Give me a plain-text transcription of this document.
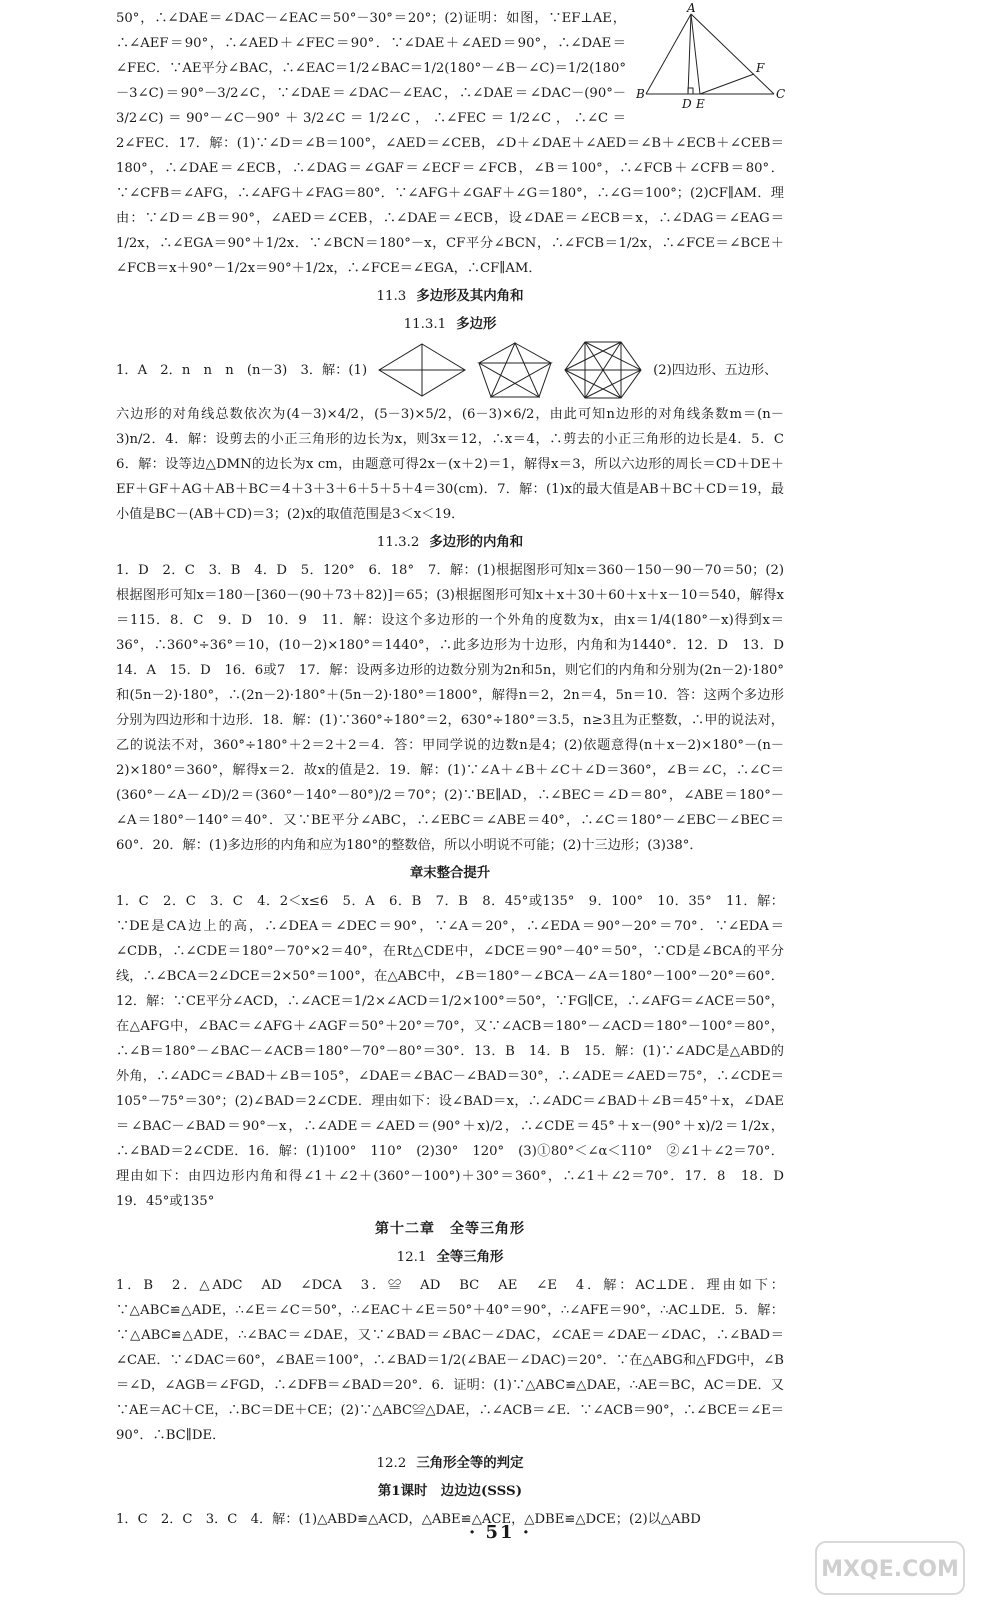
A
B	C
D E
F

50°，∴∠DAE＝∠DAC－∠EAC＝50°－30°＝20°；(2)证明：如图，∵EF⊥AE，∴∠AEF＝90°，∴∠AED＋∠FEC＝90°．∵∠DAE＋∠AED＝90°，∴∠DAE＝∠FEC．∵AE平分∠BAC，∴∠EAC＝1/2∠BAC＝1/2(180°－∠B－∠C)＝1/2(180°－3∠C)＝90°－3/2∠C，∵∠DAE＝∠DAC－∠EAC，∴∠DAE＝∠DAC－(90°－3/2∠C)＝90°－∠C－90°＋3/2∠C＝1/2∠C，∴∠FEC＝1/2∠C，∴∠C＝2∠FEC．17．解：(1)∵∠D＝∠B＝100°，∠AED＝∠CEB，∠D＋∠DAE＋∠AED＝∠B＋∠ECB＋∠CEB＝180°，∴∠DAE＝∠ECB，∴∠DAG＝∠GAF＝∠ECF＝∠FCB，∠B＝100°，∴∠FCB＋∠CFB＝80°．∵∠CFB＝∠AFG，∴∠AFG＋∠FAG＝80°．∵∠AFG＋∠GAF＋∠G＝180°，∴∠G＝100°；(2)CF∥AM．理由：∵∠D＝∠B＝90°，∠AED＝∠CEB，∴∠DAE＝∠ECB，设∠DAE＝∠ECB＝x，∴∠DAG＝∠EAG＝1/2x，∴∠EGA＝90°＋1/2x．∵∠BCN＝180°－x，CF平分∠BCN，∴∠FCB＝1/2x，∴∠FCE＝∠BCE＋∠FCB＝x＋90°－1/2x＝90°＋1/2x，∴∠FCE＝∠EGA，∴CF∥AM．

11.3 多边形及其内角和
11.3.1 多边形
1．A　2．n　n　n　(n－3)　3．解：(1)	(2)四边形、五边形、

六边形的对角线总数依次为(4－3)×4/2，(5－3)×5/2，(6－3)×6/2，由此可知n边形的对角线条数m＝(n－3)n/2．4．解：设剪去的小正三角形的边长为x，则3x＝12，∴x＝4，∴剪去的小正三角形的边长是4．5．C　6．解：设等边△DMN的边长为x cm，由题意可得2x－(x＋2)＝1，解得x＝3，所以六边形的周长＝CD＋DE＋EF＋GF＋AG＋AB＋BC＝4＋3＋3＋6＋5＋5＋4＝30(cm)．7．解：(1)x的最大值是AB＋BC＋CD＝19，最小值是BC－(AB＋CD)＝3；(2)x的取值范围是3＜x＜19．

11.3.2 多边形的内角和

1．D　2．C　3．B　4．D　5．120°　6．18°　7．解：(1)根据图形可知x＝360－150－90－70＝50；(2)根据图形可知x＝180－[360－(90＋73＋82)]＝65；(3)根据图形可知x＋x＋30＋60＋x＋x－10＝540，解得x＝115．8．C　9．D　10．9　11．解：设这个多边形的一个外角的度数为x，由x＝1/4(180°－x)得到x＝36°，∴360°÷36°＝10，(10－2)×180°＝1440°，∴此多边形为十边形，内角和为1440°．12．D　13．D　14．A　15．D　16．6或7　17．解：设两多边形的边数分别为2n和5n，则它们的内角和分别为(2n－2)·180°和(5n－2)·180°，∴(2n－2)·180°＋(5n－2)·180°＝1800°，解得n＝2，2n＝4，5n＝10．答：这两个多边形分别为四边形和十边形．18．解：(1)∵360°÷180°＝2，630°÷180°＝3.5，n≥3且为正整数，∴甲的说法对，乙的说法不对，360°÷180°＋2＝2＋2＝4．答：甲同学说的边数n是4；(2)依题意得(n＋x－2)×180°－(n－2)×180°＝360°，解得x＝2．故x的值是2．19．解：(1)∵∠A＋∠B＋∠C＋∠D＝360°，∠B＝∠C，∴∠C＝(360°－∠A－∠D)/2＝(360°－140°－80°)/2＝70°；(2)∵BE∥AD，∴∠BEC＝∠D＝80°，∠ABE＝180°－∠A＝180°－140°＝40°．又∵BE平分∠ABC，∴∠EBC＝∠ABE＝40°，∴∠C＝180°－∠EBC－∠BEC＝60°．20．解：(1)多边形的内角和应为180°的整数倍，所以小明说不可能；(2)十三边形；(3)38°．

章末整合提升

1．C　2．C　3．C　4．2＜x≤6　5．A　6．B　7．B　8．45°或135°　9．100°　10．35°　11．解：∵DE是CA边上的高，∴∠DEA＝∠DEC＝90°，∵∠A＝20°，∴∠EDA＝90°－20°＝70°．∵∠EDA＝∠CDB，∴∠CDE＝180°－70°×2＝40°，在Rt△CDE中，∠DCE＝90°－40°＝50°，∵CD是∠BCA的平分线，∴∠BCA＝2∠DCE＝2×50°＝100°，在△ABC中，∠B＝180°－∠BCA－∠A＝180°－100°－20°＝60°．12．解：∵CE平分∠ACD，∴∠ACE＝1/2×∠ACD＝1/2×100°＝50°，∵FG∥CE，∴∠AFG＝∠ACE＝50°，在△AFG中，∠BAC＝∠AFG＋∠AGF＝50°＋20°＝70°，又∵∠ACB＝180°－∠ACD＝180°－100°＝80°，∴∠B＝180°－∠BAC－∠ACB＝180°－70°－80°＝30°．13．B　14．B　15．解：(1)∵∠ADC是△ABD的外角，∴∠ADC＝∠BAD＋∠B＝105°，∠DAE＝∠BAC－∠BAD＝30°，∴∠ADE＝∠AED＝75°，∴∠CDE＝105°－75°＝30°；(2)∠BAD＝2∠CDE．理由如下：设∠BAD＝x，∴∠ADC＝∠BAD＋∠B＝45°＋x，∠DAE＝∠BAC－∠BAD＝90°－x，∴∠ADE＝∠AED＝(90°＋x)/2，∴∠CDE＝45°＋x－(90°＋x)/2＝1/2x，∴∠BAD＝2∠CDE．16．解：(1)100°　110°　(2)30°　120°　(3)①80°＜∠α＜110°　②∠1＋∠2＝70°．理由如下：由四边形内角和得∠1＋∠2＋(360°－100°)＋30°＝360°，∴∠1＋∠2＝70°．17．8　18．D　19．45°或135°

第十二章　全等三角形
12.1 全等三角形

1．B　2．△ADC　AD　∠DCA　3．≌　AD　BC　AE　∠E　4．解：AC⊥DE．理由如下：∵△ABC≌△ADE，∴∠E＝∠C＝50°，∴∠EAC＋∠E＝50°＋40°＝90°，∴∠AFE＝90°，∴AC⊥DE．5．解：∵△ABC≌△ADE，∴∠BAC＝∠DAE，又∵∠BAD＝∠BAC－∠DAC，∠CAE＝∠DAE－∠DAC，∴∠BAD＝∠CAE．∵∠DAC＝60°，∠BAE＝100°，∴∠BAD＝1/2(∠BAE－∠DAC)＝20°．∵在△ABG和△FDG中，∠B＝∠D，∠AGB＝∠FGD，∴∠DFB＝∠BAD＝20°．6．证明：(1)∵△ABC≌△DAE，∴AE＝BC，AC＝DE．又∵AE＝AC＋CE，∴BC＝DE＋CE；(2)∵△ABC≌△DAE，∴∠ACB＝∠E．∵∠ACB＝90°，∴∠BCE＝∠E＝90°．∴BC∥DE．

12.2 三角形全等的判定
第1课时　边边边(SSS)

1．C　2．C　3．C　4．解：(1)△ABD≌△ACD，△ABE≌△ACE，△DBE≌△DCE；(2)以△ABD

· 51 ·
MXQE.COM
